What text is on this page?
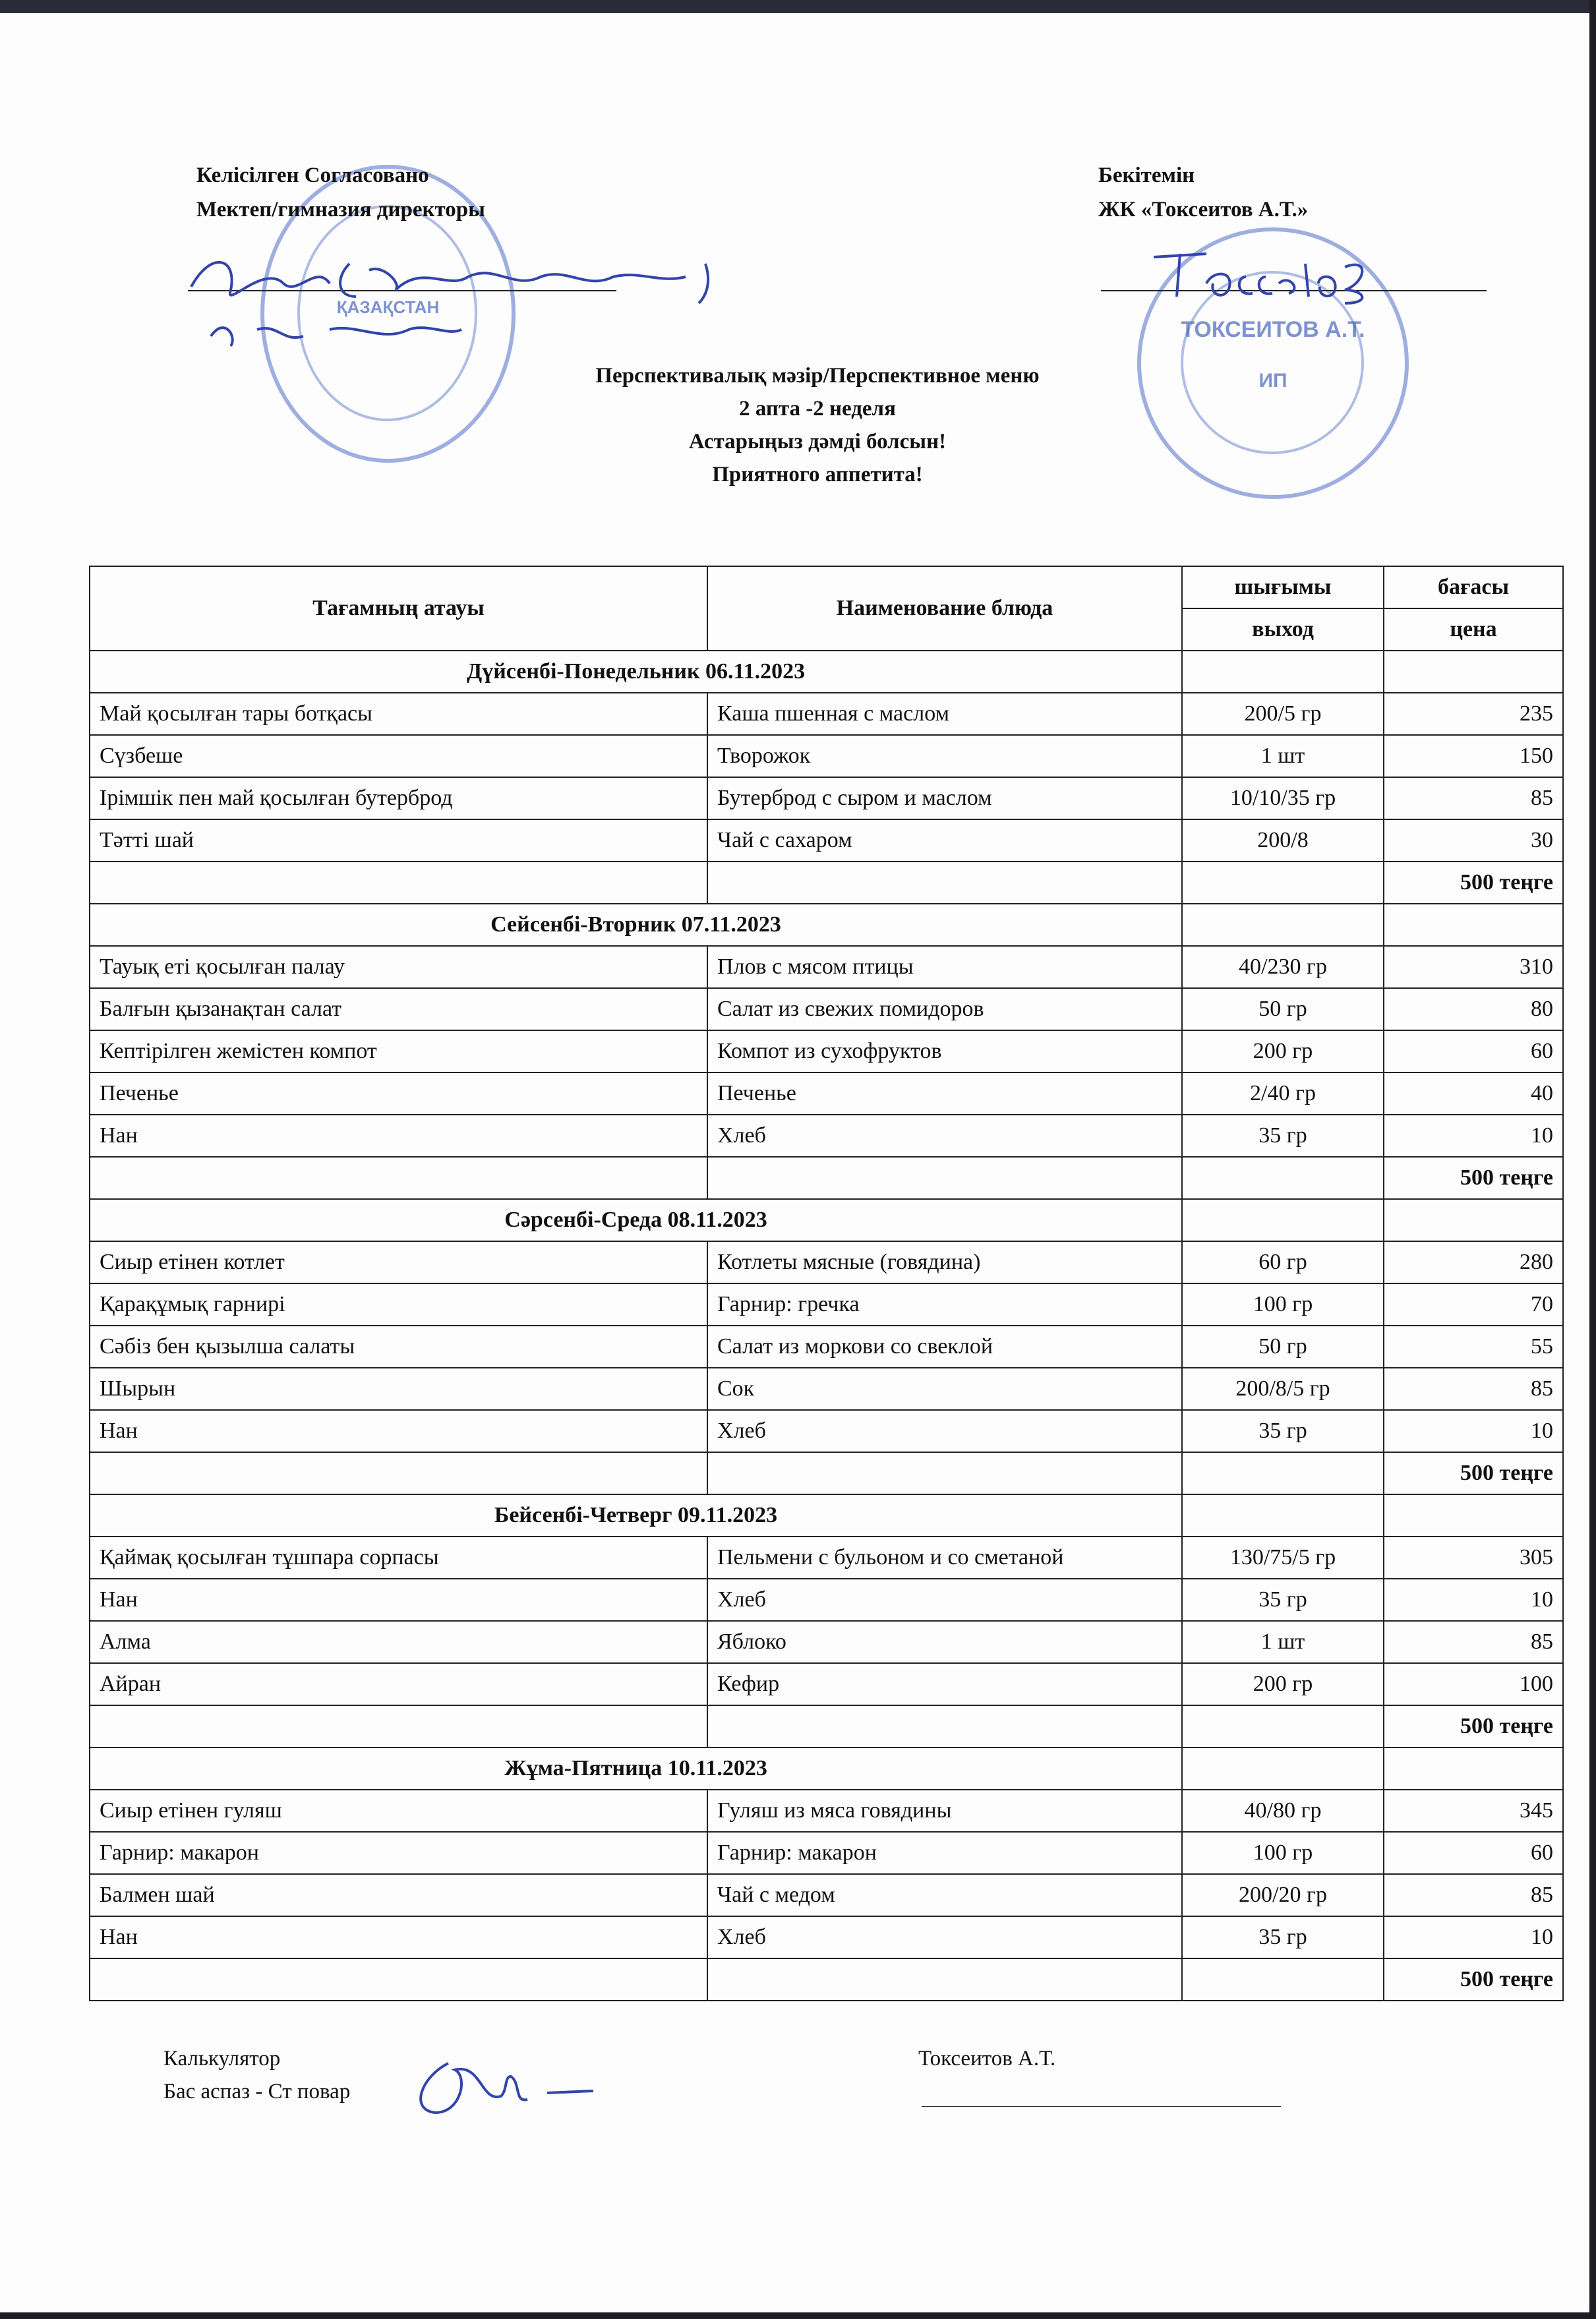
ҚАЗАҚСТАН
ТОКСЕИТОВ А.Т.
ИП
Келісілген Согласовано
Мектеп/гимназия директоры
Бекітемін
ЖК «Токсеитов А.Т.»
Перспективалық мәзір/Перспективное меню
2 апта -2 неделя
Астарыңыз дәмді болсын!
Приятного аппетита!
Тағамның атауы	Наименование блюда	шығымы	бағасы
		выход	цена
Дүйсенбі-Понедельник 06.11.2023			
Май қосылған тары ботқасы	Каша пшенная с маслом	200/5 гр	235
Сүзбеше	Творожок	1 шт	150
Ірімшік пен май қосылған бутерброд	Бутерброд с сыром и маслом	10/10/35 гр	85
Тәтті шай	Чай с сахаром	200/8	30
			500 теңге
Сейсенбі-Вторник 07.11.2023			
Тауық еті қосылған палау	Плов с мясом птицы	40/230 гр	310
Балғын қызанақтан салат	Салат из свежих помидоров	50 гр	80
Кептірілген жемістен компот	Компот из сухофруктов	200 гр	60
Печенье	Печенье	2/40 гр	40
Нан	Хлеб	35 гр	10
			500 теңге
Сәрсенбі-Среда 08.11.2023			
Сиыр етінен котлет	Котлеты мясные (говядина)	60 гр	280
Қарақұмық гарнирі	Гарнир: гречка	100 гр	70
Сәбіз бен қызылша салаты	Салат из моркови со свеклой	50 гр	55
Шырын	Сок	200/8/5 гр	85
Нан	Хлеб	35 гр	10
			500 теңге
Бейсенбі-Четверг 09.11.2023			
Қаймақ қосылған тұшпара сорпасы	Пельмени с бульоном и со сметаной	130/75/5 гр	305
Нан	Хлеб	35 гр	10
Алма	Яблоко	1 шт	85
Айран	Кефир	200 гр	100
			500 теңге
Жұма-Пятница 10.11.2023			
Сиыр етінен гуляш	Гуляш из мяса говядины	40/80 гр	345
Гарнир: макарон	Гарнир: макарон	100 гр	60
Балмен шай	Чай с медом	200/20 гр	85
Нан	Хлеб	35 гр	10
			500 теңге
Калькулятор
Бас аспаз - Ст повар
Токсеитов А.Т.
